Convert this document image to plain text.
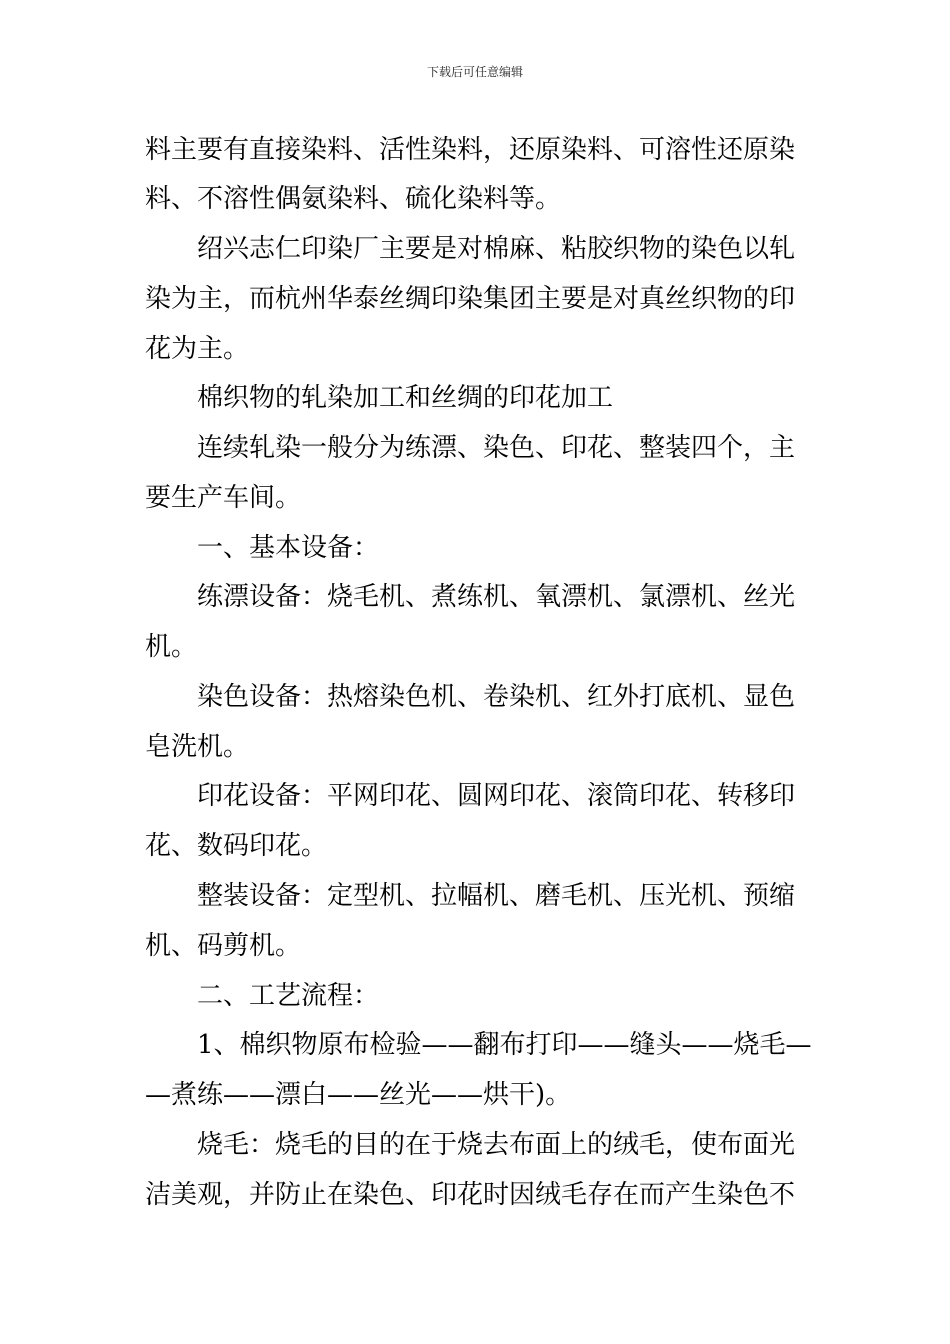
下载后可任意编辑
料主要有直接染料、活性染料，还原染料、可溶性还原染
料、不溶性偶氨染料、硫化染料等。
　　绍兴志仁印染厂主要是对棉麻、粘胶织物的染色以轧
染为主，而杭州华泰丝绸印染集团主要是对真丝织物的印
花为主。
　　棉织物的轧染加工和丝绸的印花加工
　　连续轧染一般分为练漂、染色、印花、整装四个，主
要生产车间。
　　一、基本设备：
　　练漂设备：烧毛机、煮练机、氧漂机、氯漂机、丝光
机。
　　染色设备：热熔染色机、卷染机、红外打底机、显色
皂洗机。
　　印花设备：平网印花、圆网印花、滚筒印花、转移印
花、数码印花。
　　整装设备：定型机、拉幅机、磨毛机、压光机、预缩
机、码剪机。
　　二、工艺流程：
　　1、棉织物原布检验——翻布打印——缝头——烧毛—
—煮练——漂白——丝光——烘干)。
　　烧毛：烧毛的目的在于烧去布面上的绒毛，使布面光
洁美观，并防止在染色、印花时因绒毛存在而产生染色不
